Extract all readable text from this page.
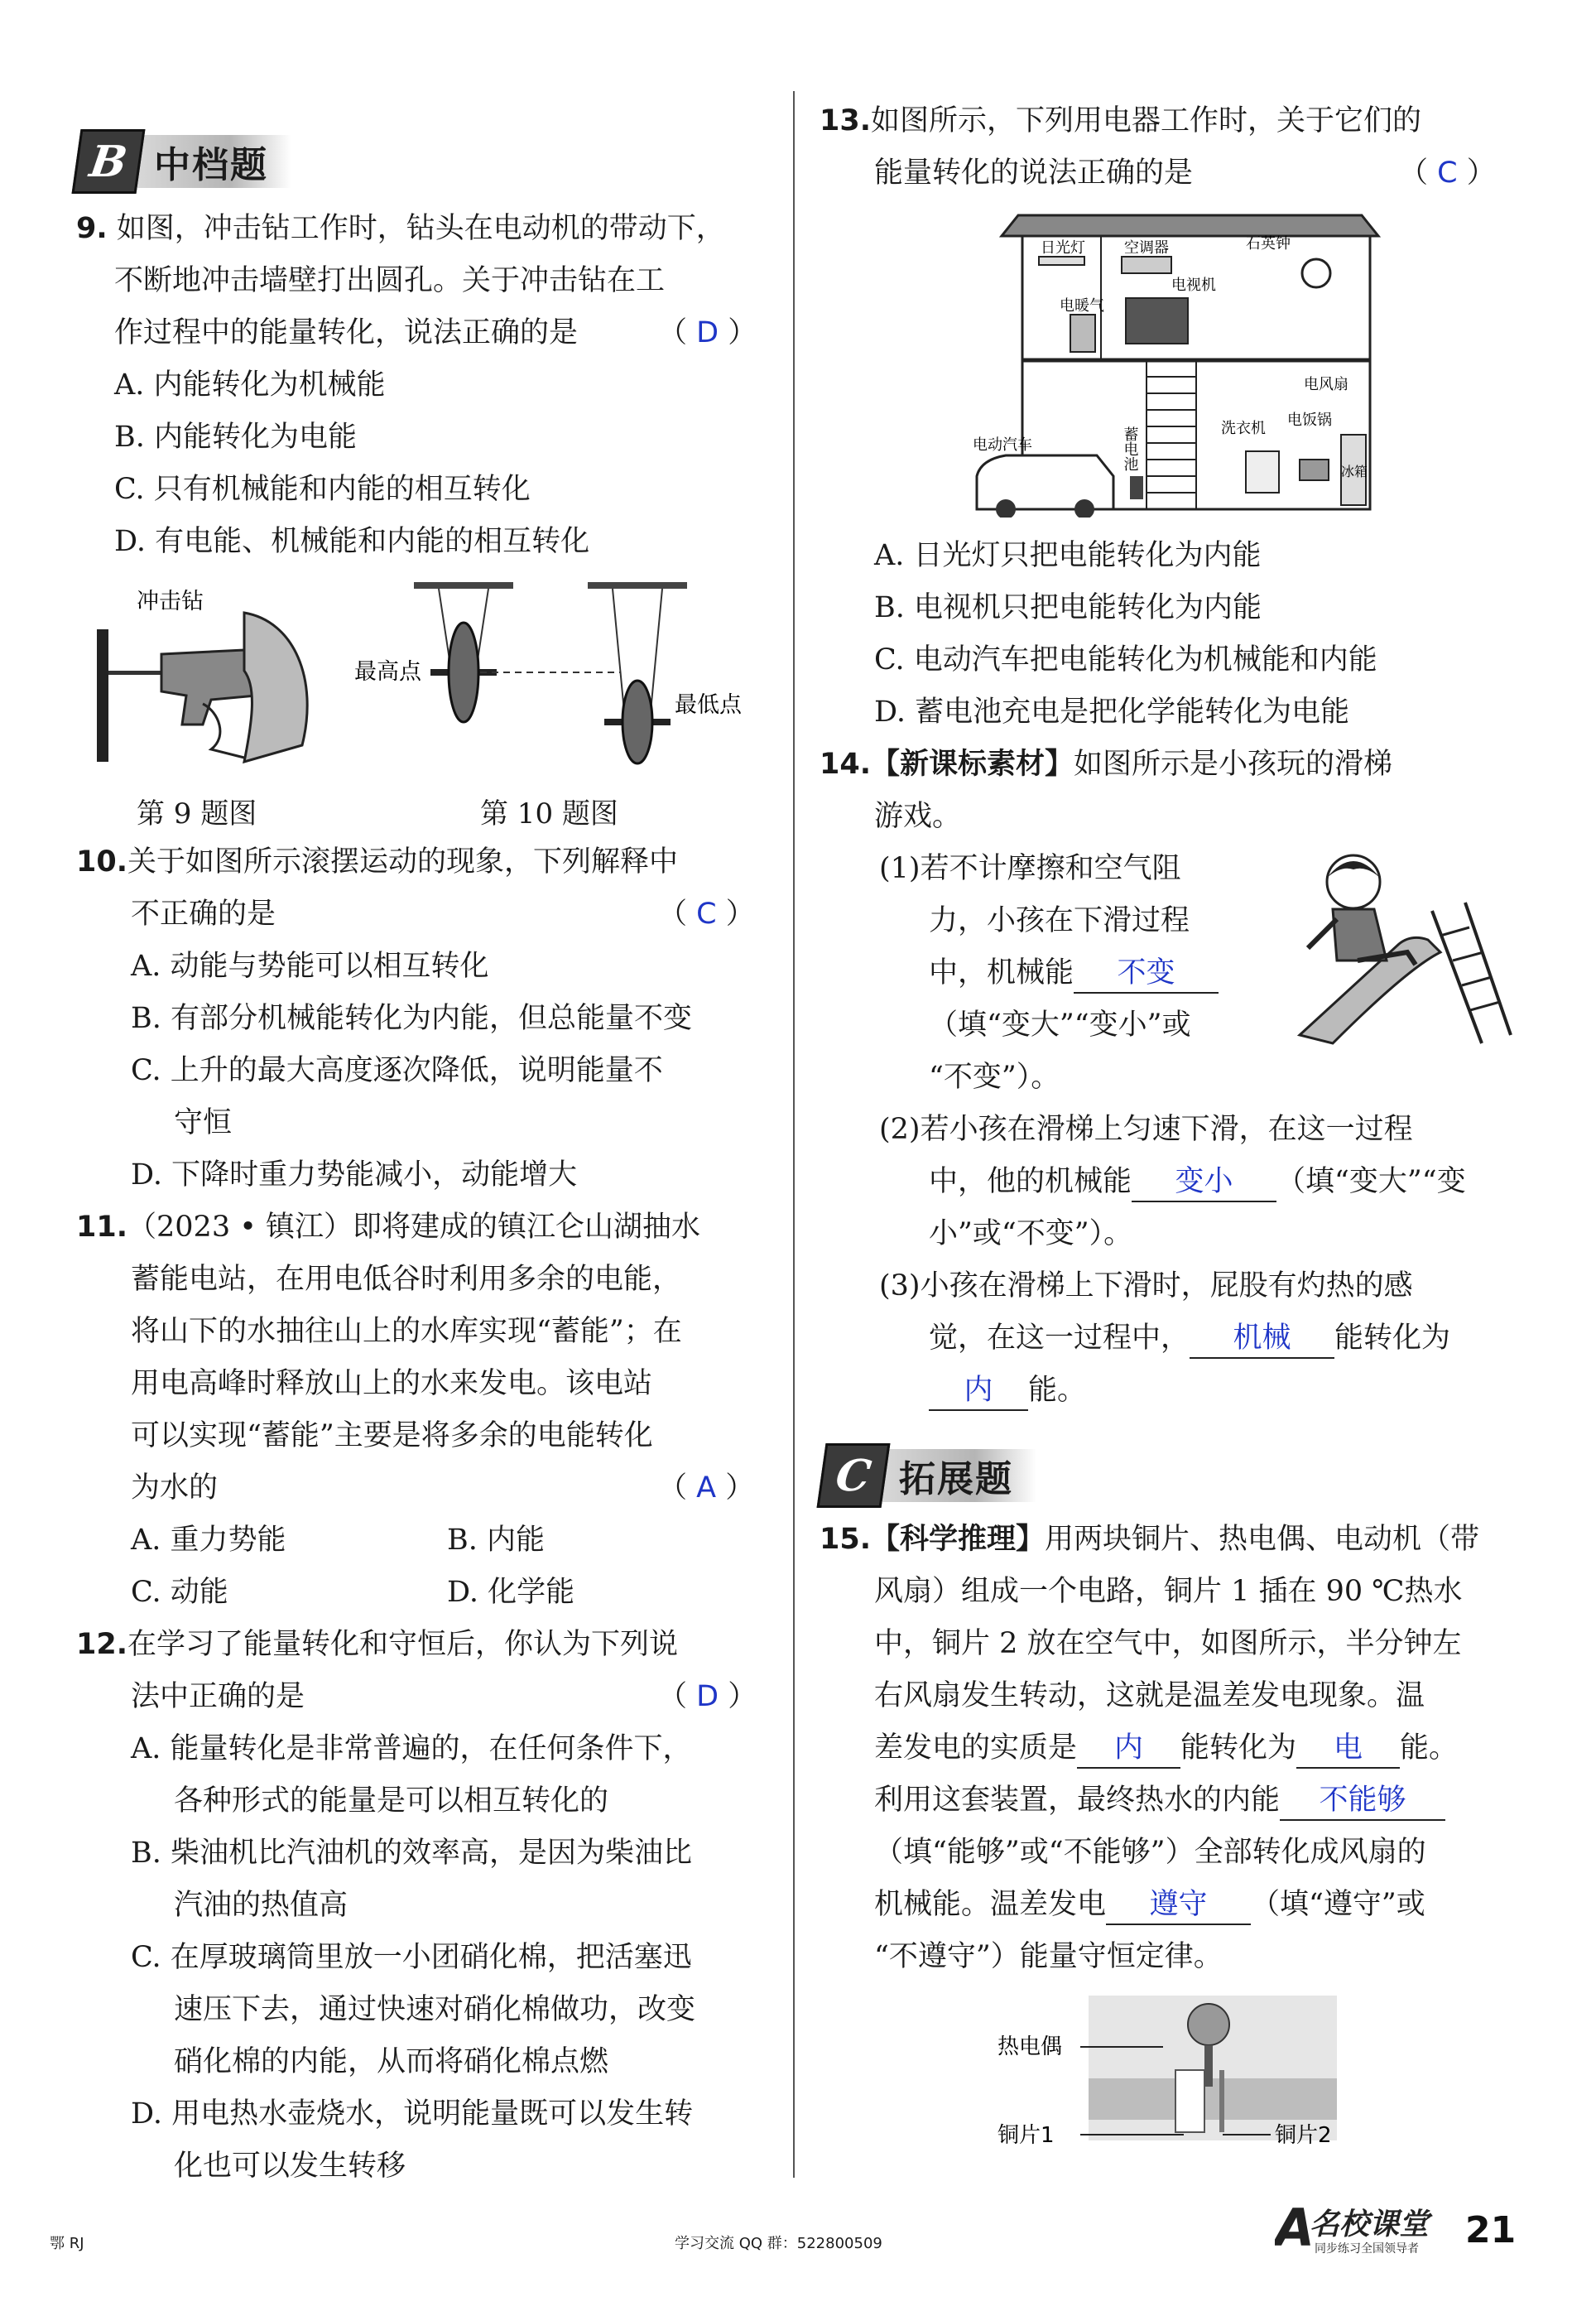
B 中档题
9. 如图，冲击钻工作时，钻头在电动机的带动下，
不断地冲击墙壁打出圆孔。关于冲击钻在工
作过程中的能量转化，说法正确的是	（ D ）
A. 内能转化为机械能
B. 内能转化为电能
C. 只有机械能和内能的相互转化
D. 有电能、机械能和内能的相互转化
冲击钻
第 9 题图
最高点
最低点
第 10 题图
10.关于如图所示滚摆运动的现象，下列解释中
不正确的是	（ C ）
A. 动能与势能可以相互转化
B. 有部分机械能转化为内能，但总能量不变
C. 上升的最大高度逐次降低，说明能量不
守恒
D. 下降时重力势能减小，动能增大
11.（2023 • 镇江）即将建成的镇江仑山湖抽水
蓄能电站，在用电低谷时利用多余的电能，
将山下的水抽往山上的水库实现“蓄能”；在
用电高峰时释放山上的水来发电。该电站
可以实现“蓄能”主要是将多余的电能转化
为水的	（ A ）
A. 重力势能	B. 内能
C. 动能	D. 化学能
12.在学习了能量转化和守恒后，你认为下列说
法中正确的是	（ D ）
A. 能量转化是非常普遍的，在任何条件下，
各种形式的能量是可以相互转化的
B. 柴油机比汽油机的效率高，是因为柴油比
汽油的热值高
C. 在厚玻璃筒里放一小团硝化棉，把活塞迅
速压下去，通过快速对硝化棉做功，改变
硝化棉的内能，从而将硝化棉点燃
D. 用电热水壶烧水，说明能量既可以发生转
化也可以发生转移
13.如图所示，下列用电器工作时，关于它们的
能量转化的说法正确的是	（ C ）
日光灯	空调器	石英钟
电视机
电暖气
电风扇
蓄电池	洗衣机 电饭锅
电动汽车
冰箱
A. 日光灯只把电能转化为内能
B. 电视机只把电能转化为内能
C. 电动汽车把电能转化为机械能和内能
D. 蓄电池充电是把化学能转化为电能
14.【新课标素材】如图所示是小孩玩的滑梯
游戏。
(1)若不计摩擦和空气阻
力，小孩在下滑过程
中，机械能 不变
（填“变大”“变小”或
“不变”）。
(2)若小孩在滑梯上匀速下滑，在这一过程
中，他的机械能 变小 （填“变大”“变
小”或“不变”）。
(3)小孩在滑梯上下滑时，屁股有灼热的感
觉，在这一过程中， 机械 能转化为
内 能。
C 拓展题
15.【科学推理】用两块铜片、热电偶、电动机（带
风扇）组成一个电路，铜片 1 插在 90 ℃热水
中，铜片 2 放在空气中，如图所示，半分钟左
右风扇发生转动，这就是温差发电现象。温
差发电的实质是 内 能转化为 电 能。
利用这套装置，最终热水的内能 不能够
（填“能够”或“不能够”）全部转化成风扇的
机械能。温差发电 遵守 （填“遵守”或
“不遵守”）能量守恒定律。
热电偶
铜片1	铜片2
鄂 RJ	学习交流 QQ 群：522800509	A
名校课堂
同步练习全国领导者 21
